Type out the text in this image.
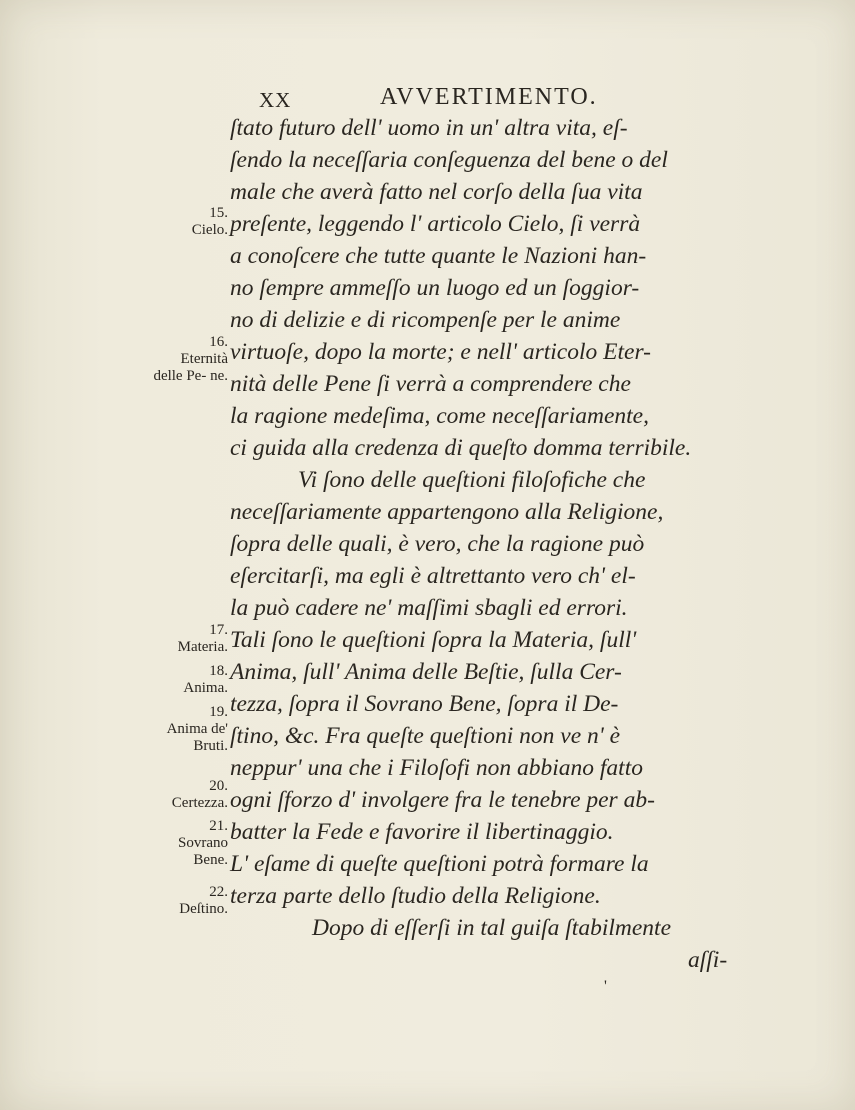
XX	AVVERTIMENTO.
ſtato futuro dell' uomo in un' altra vita, eſ-
ſendo la neceſſaria conſeguenza del bene o del
male che averà fatto nel corſo della ſua vita
preſente, leggendo l' articolo Cielo, ſi verrà
a conoſcere che tutte quante le Nazioni han-
no ſempre ammeſſo un luogo ed un ſoggior-
no di delizie e di ricompenſe per le anime
virtuoſe, dopo la morte; e nell' articolo Eter-
nità delle Pene ſi verrà a comprendere che
la ragione medeſima, come neceſſariamente,
ci guida alla credenza di queſto domma terribile.
Vi ſono delle queſtioni filoſofiche che
neceſſariamente appartengono alla Religione,
ſopra delle quali, è vero, che la ragione può
eſercitarſi, ma egli è altrettanto vero ch' el-
la può cadere ne' maſſimi sbagli ed errori.
Tali ſono le queſtioni ſopra la Materia, ſull'
Anima, ſull' Anima delle Beſtie, ſulla Cer-
tezza, ſopra il Sovrano Bene, ſopra il De-
ſtino, &c. Fra queſte queſtioni non ve n' è
neppur' una che i Filoſofi non abbiano fatto
ogni ſforzo d' involgere fra le tenebre per ab-
batter la Fede e favorire il libertinaggio.
L' eſame di queſte queſtioni potrà formare la
terza parte dello ſtudio della Religione.
Dopo di eſſerſi in tal guiſa ſtabilmente
aſſi-
15.
Cielo.
16.
Eternità delle Pe- ne.
17.
Materia.
18.
Anima.
19.
Anima de' Bruti.
20.
Certezza.
21.
Sovrano Bene.
22.
Deſtino.
'
